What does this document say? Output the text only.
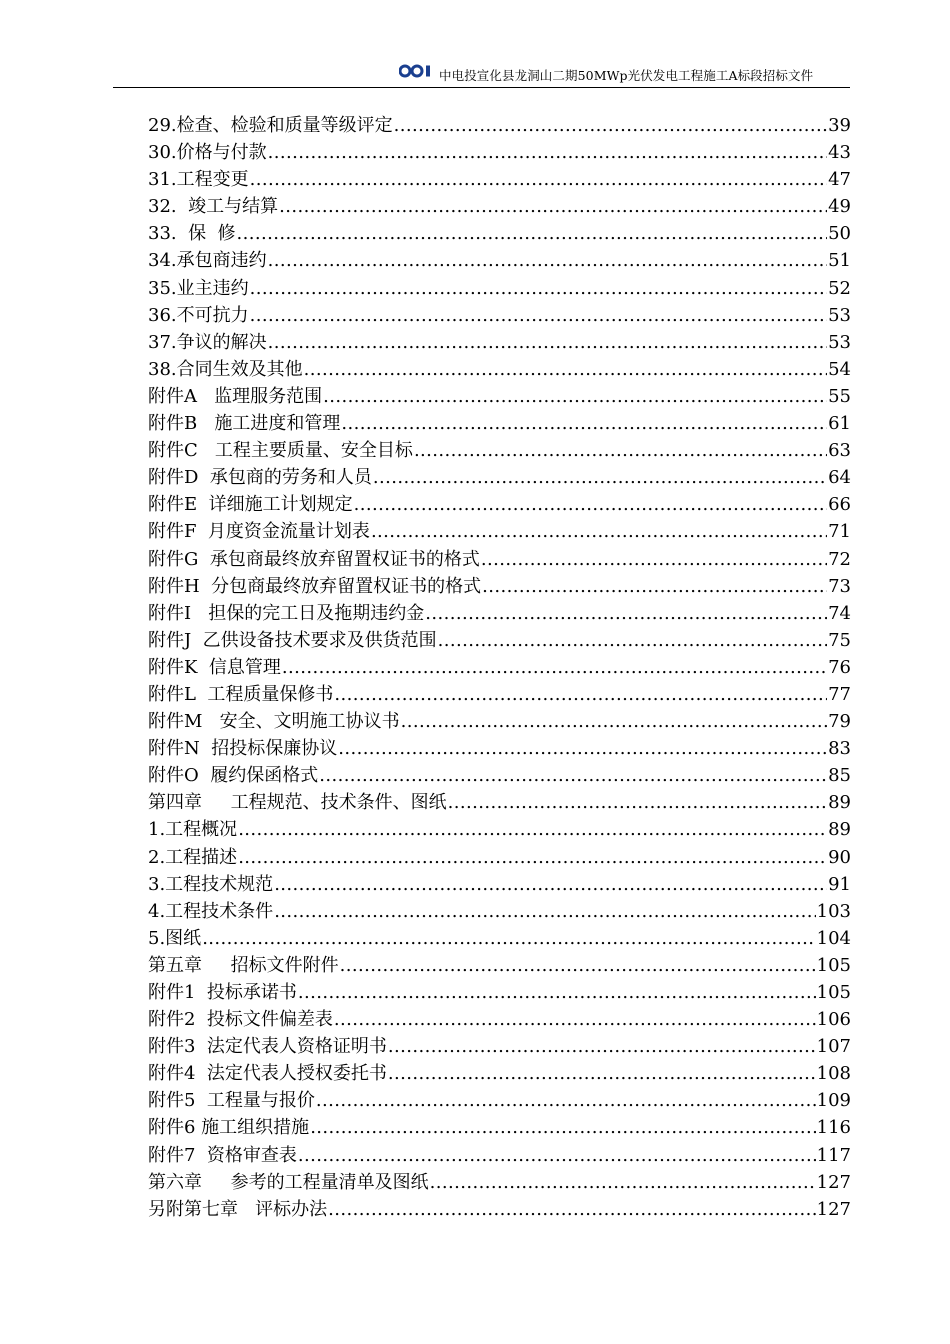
中电投宣化县龙洞山二期50MWp光伏发电工程施工A标段招标文件
29.检查、检验和质量等级评定 .....	39
30.价格与付款 .....	43
31.工程变更 .....	47
32.  竣工与结算 .....	49
33.  保  修 .....	50
34.承包商违约 .....	51
35.业主违约 .....	52
36.不可抗力 .....	53
37.争议的解决 .....	53
38.合同生效及其他 .....	54
附件A   监理服务范围 .....	55
附件B   施工进度和管理 .....	61
附件C   工程主要质量、安全目标 .....	63
附件D  承包商的劳务和人员 .....	64
附件E  详细施工计划规定 .....	66
附件F  月度资金流量计划表 .....	71
附件G  承包商最终放弃留置权证书的格式 .....	72
附件H  分包商最终放弃留置权证书的格式 .....	73
附件I   担保的完工日及拖期违约金 .....	74
附件J  乙供设备技术要求及供货范围 .....	75
附件K  信息管理 .....	76
附件L  工程质量保修书 .....	77
附件M   安全、文明施工协议书 .....	79
附件N  招投标保廉协议 .....	83
附件O  履约保函格式 .....	85
第四章     工程规范、技术条件、图纸 .....	89
1.工程概况 .....	89
2.工程描述 .....	90
3.工程技术规范 .....	91
4.工程技术条件 .....	103
5.图纸 .....	104
第五章     招标文件附件 .....	105
附件1  投标承诺书 .....	105
附件2  投标文件偏差表 .....	106
附件3  法定代表人资格证明书 .....	107
附件4  法定代表人授权委托书 .....	108
附件5  工程量与报价 .....	109
附件6 施工组织措施 .....	116
附件7  资格审查表 .....	117
第六章     参考的工程量清单及图纸 .....	127
另附第七章   评标办法 .....	127
